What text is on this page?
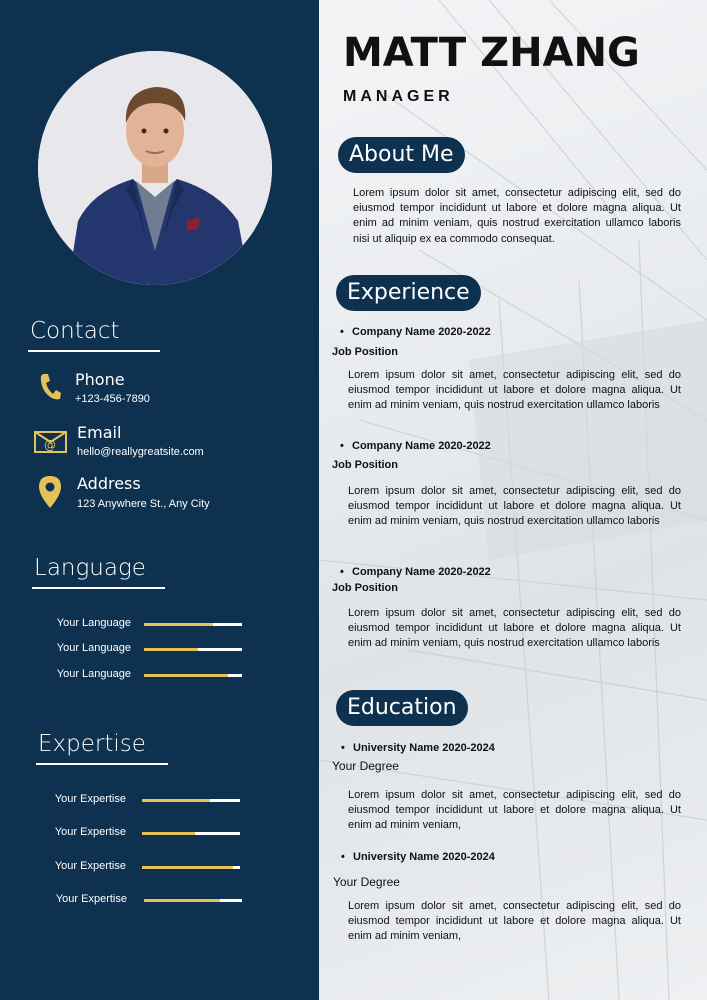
Contact
Phone
+123-456-7890
@
Email
hello@reallygreatsite.com
Address
123 Anywhere St., Any City
Language
Your Language
Your Language
Your Language
Expertise
Your Expertise
Your Expertise
Your Expertise
Your Expertise
MATT ZHANG
MANAGER
About Me
Lorem ipsum dolor sit amet, consectetur adipiscing elit, sed do eiusmod tempor incididunt ut labore et dolore magna aliqua. Ut enim ad minim veniam, quis nostrud exercitation ullamco laboris nisi ut aliquip ex ea commodo consequat.
Experience
• Company Name 2020-2022
Job Position
Lorem ipsum dolor sit amet, consectetur adipiscing elit, sed do eiusmod tempor incididunt ut labore et dolore magna aliqua. Ut enim ad minim veniam, quis nostrud exercitation ullamco laboris
• Company Name 2020-2022
Job Position
Lorem ipsum dolor sit amet, consectetur adipiscing elit, sed do eiusmod tempor incididunt ut labore et dolore magna aliqua. Ut enim ad minim veniam, quis nostrud exercitation ullamco laboris
• Company Name 2020-2022
Job Position
Lorem ipsum dolor sit amet, consectetur adipiscing elit, sed do eiusmod tempor incididunt ut labore et dolore magna aliqua. Ut enim ad minim veniam, quis nostrud exercitation ullamco laboris
Education
• University Name 2020-2024
Your Degree
Lorem ipsum dolor sit amet, consectetur adipiscing elit, sed do eiusmod tempor incididunt ut labore et dolore magna aliqua. Ut enim ad minim veniam,
• University Name 2020-2024
Your Degree
Lorem ipsum dolor sit amet, consectetur adipiscing elit, sed do eiusmod tempor incididunt ut labore et dolore magna aliqua. Ut enim ad minim veniam,
